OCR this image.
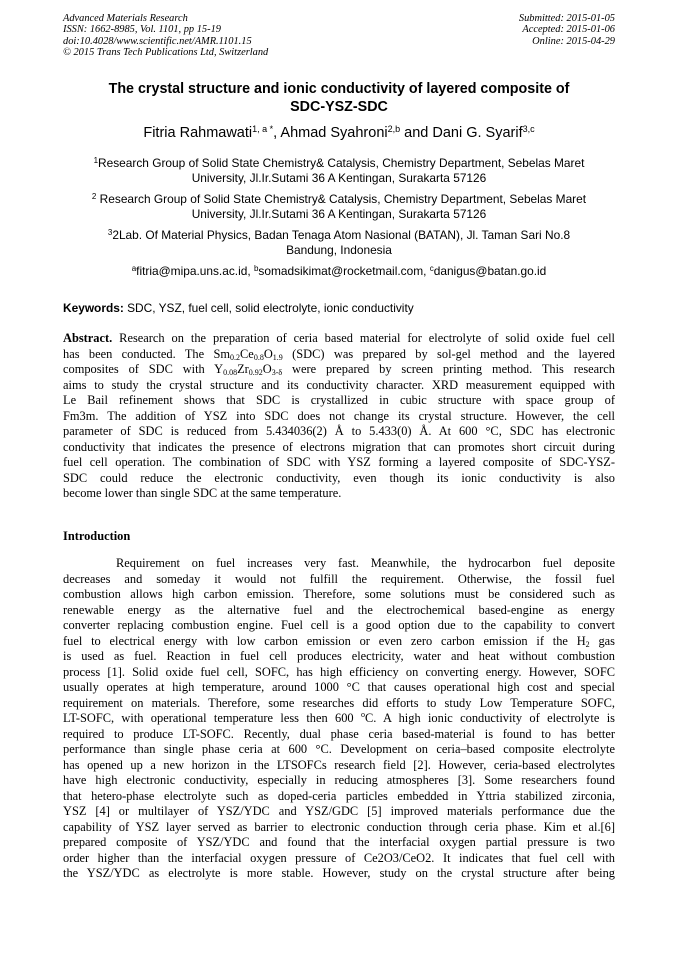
Advanced Materials Research
ISSN: 1662-8985, Vol. 1101, pp 15-19
doi:10.4028/www.scientific.net/AMR.1101.15
© 2015 Trans Tech Publications Ltd, Switzerland
Submitted: 2015-01-05
Accepted: 2015-01-06
Online: 2015-04-29
The crystal structure and ionic conductivity of layered composite of
SDC-YSZ-SDC
Fitria Rahmawati$^{1, a *}$, Ahmad Syahroni$^{2,b}$ and Dani G. Syarif$^{3,c}$
$^1$Research Group of Solid State Chemistry& Catalysis, Chemistry Department, Sebelas Maret
University, Jl.Ir.Sutami 36 A Kentingan, Surakarta 57126
$^2$ Research Group of Solid State Chemistry& Catalysis, Chemistry Department, Sebelas Maret
University, Jl.Ir.Sutami 36 A Kentingan, Surakarta 57126
$^3$2Lab. Of Material Physics, Badan Tenaga Atom Nasional (BATAN), Jl. Taman Sari No.8
Bandung, Indonesia
$^a$fitria@mipa.uns.ac.id, $^b$somadsikimat@rocketmail.com, $^c$danigus@batan.go.id
Keywords: SDC, YSZ, fuel cell, solid electrolyte, ionic conductivity
Abstract. Research on the preparation of ceria based material for electrolyte of solid oxide fuel cell
has been conducted. The $Sm_{0.2}Ce_{0.8}O_{1.9}$ (SDC) was prepared by sol-gel method and the layered
composites of SDC with $Y_{0.08}Zr_{0.92}O_{3-\delta}$ were prepared by screen printing method. This research
aims to study the crystal structure and its conductivity character. XRD measurement equipped with
Le Bail refinement shows that SDC is crystallized in cubic structure with space group of
Fm3m. The addition of YSZ into SDC does not change its crystal structure. However, the cell
parameter of SDC is reduced from 5.434036(2) Å to 5.433(0) Å. At 600 °C, SDC has electronic
conductivity that indicates the presence of electrons migration that can promotes short circuit during
fuel cell operation. The combination of SDC with YSZ forming a layered composite of SDC-YSZ-
SDC could reduce the electronic conductivity, even though its ionic conductivity is also
become lower than single SDC at the same temperature.
Introduction
Requirement on fuel increases very fast. Meanwhile, the hydrocarbon fuel deposite
decreases and someday it would not fulfill the requirement. Otherwise, the fossil fuel
combustion allows high carbon emission. Therefore, some solutions must be considered such as
renewable energy as the alternative fuel and the electrochemical based-engine as energy
converter replacing combustion engine. Fuel cell is a good option due to the capability to convert
fuel to electrical energy with low carbon emission or even zero carbon emission if the $H_2$ gas
is used as fuel. Reaction in fuel cell produces electricity, water and heat without combustion
process [1]. Solid oxide fuel cell, SOFC, has high efficiency on converting energy. However, SOFC
usually operates at high temperature, around 1000 °C that causes operational high cost and special
requirement on materials. Therefore, some researches did efforts to study Low Temperature SOFC,
LT-SOFC, with operational temperature less then 600 $^o$C. A high ionic conductivity of electrolyte is
required to produce LT-SOFC. Recently, dual phase ceria based-material is found to has better
performance than single phase ceria at 600 °C. Development on ceria–based composite electrolyte
has opened up a new horizon in the LTSOFCs research field [2]. However, ceria-based electrolytes
have high electronic conductivity, especially in reducing atmospheres [3]. Some researchers found
that hetero-phase electrolyte such as doped-ceria particles embedded in Yttria stabilized zirconia,
YSZ [4] or multilayer of YSZ/YDC and YSZ/GDC [5] improved materials performance due the
capability of YSZ layer served as barrier to electronic conduction through ceria phase. Kim et al.[6]
prepared composite of YSZ/YDC and found that the interfacial oxygen partial pressure is two
order higher than the interfacial oxygen pressure of Ce2O3/CeO2. It indicates that fuel cell with
the YSZ/YDC as electrolyte is more stable. However, study on the crystal structure after being
